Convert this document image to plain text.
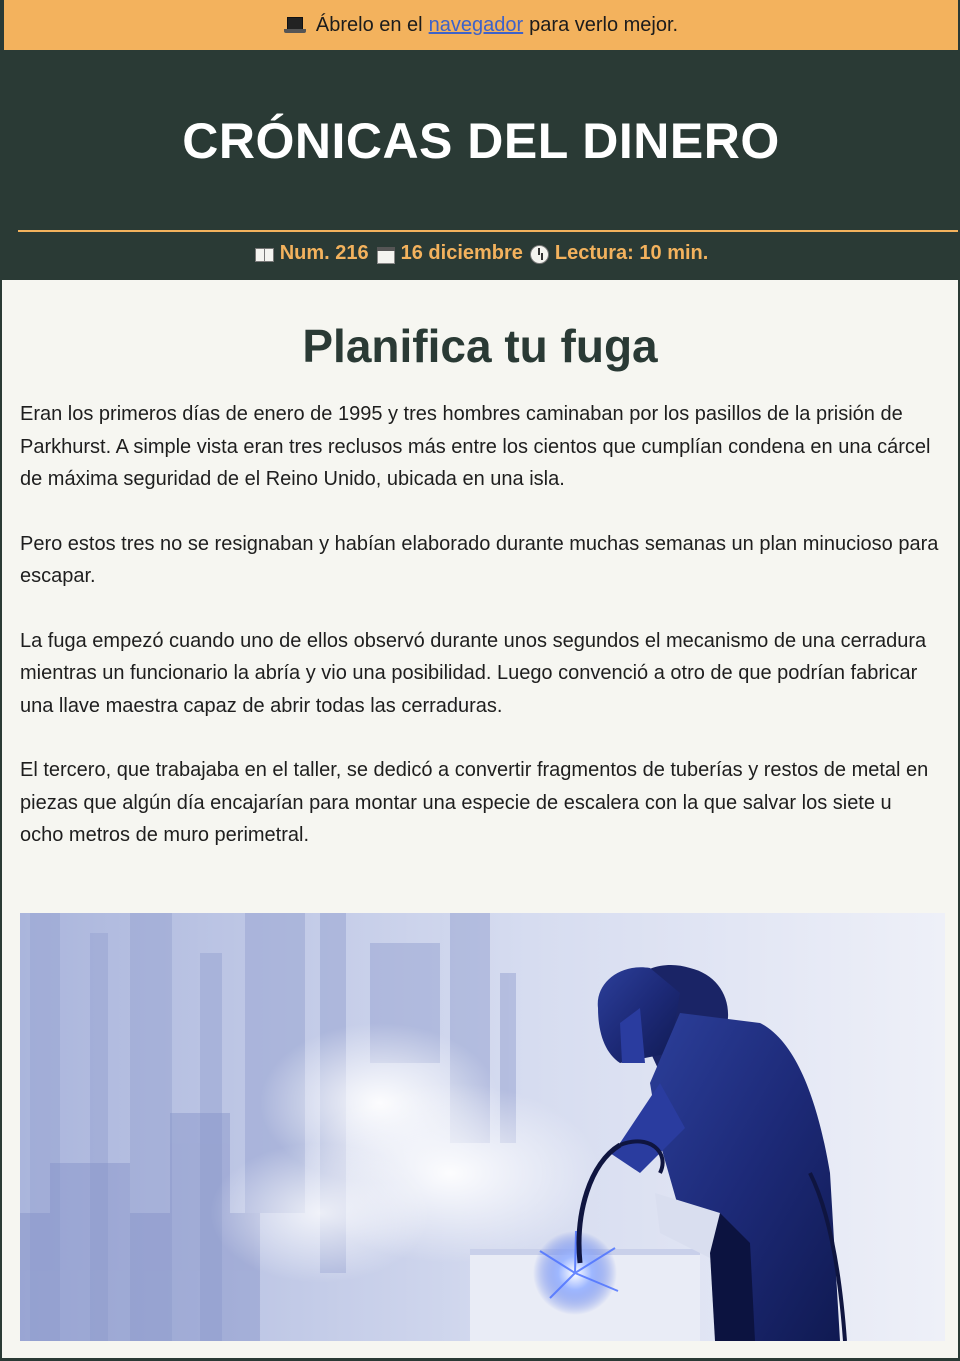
Ábrelo en el navegador para verlo mejor.
CRÓNICAS DEL DINERO
Num. 216 16 diciembre Lectura: 10 min.
Planifica tu fuga

Eran los primeros días de enero de 1995 y tres hombres caminaban por los pasillos de la prisión de Parkhurst. A simple vista eran tres reclusos más entre los cientos que cumplían condena en una cárcel de máxima seguridad de el Reino Unido, ubicada en una isla.

Pero estos tres no se resignaban y habían elaborado durante muchas semanas un plan minucioso para escapar.

La fuga empezó cuando uno de ellos observó durante unos segundos el mecanismo de una cerradura mientras un funcionario la abría y vio una posibilidad. Luego convenció a otro de que podrían fabricar una llave maestra capaz de abrir todas las cerraduras.

El tercero, que trabajaba en el taller, se dedicó a convertir fragmentos de tuberías y restos de metal en piezas que algún día encajarían para montar una especie de escalera con la que salvar los siete u ocho metros de muro perimetral.
